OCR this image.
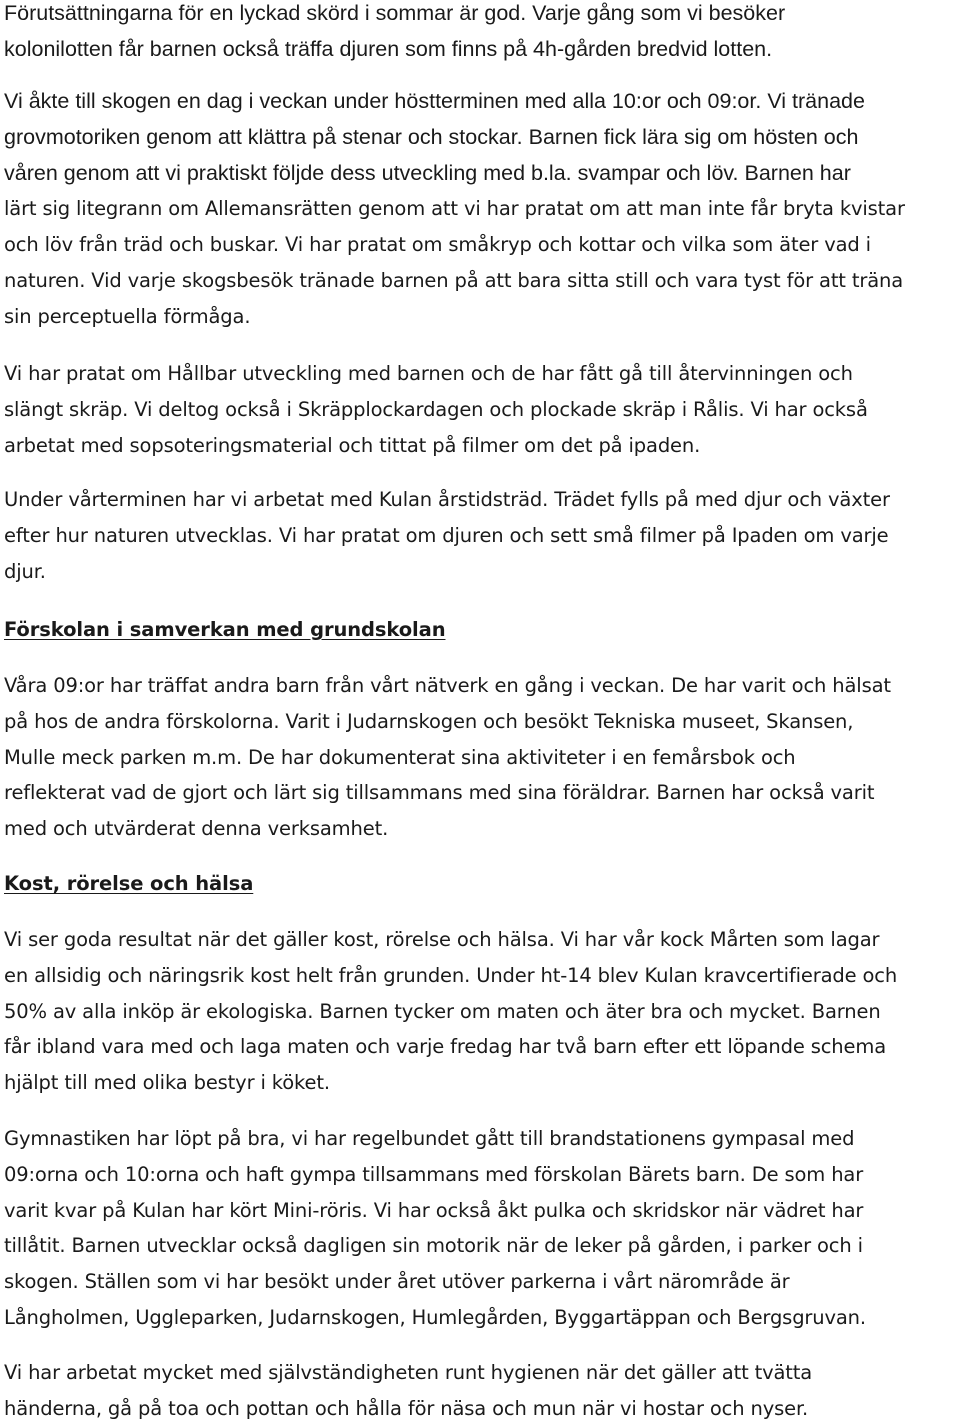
Förutsättningarna för en lyckad skörd i sommar är god. Varje gång som vi besöker
kolonilotten får barnen också träffa djuren som finns på 4h-gården bredvid lotten.

Vi åkte till skogen en dag i veckan under höstterminen med alla 10:or och 09:or. Vi tränade
grovmotoriken genom att klättra på stenar och stockar. Barnen fick lära sig om hösten och
våren genom att vi praktiskt följde dess utveckling med b.la. svampar och löv. Barnen har
lärt sig litegrann om Allemansrätten genom att vi har pratat om att man inte får bryta kvistar
och löv från träd och buskar. Vi har pratat om småkryp och kottar och vilka som äter vad i
naturen. Vid varje skogsbesök tränade barnen på att bara sitta still och vara tyst för att träna
sin perceptuella förmåga.

Vi har pratat om Hållbar utveckling med barnen och de har fått gå till återvinningen och
slängt skräp. Vi deltog också i Skräpplockardagen och plockade skräp i Rålis. Vi har också
arbetat med sopsoteringsmaterial och tittat på filmer om det på ipaden.

Under vårterminen har vi arbetat med Kulan årstidsträd. Trädet fylls på med djur och växter
efter hur naturen utvecklas. Vi har pratat om djuren och sett små filmer på Ipaden om varje
djur.

Förskolan i samverkan med grundskolan

Våra 09:or har träffat andra barn från vårt nätverk en gång i veckan. De har varit och hälsat
på hos de andra förskolorna. Varit i Judarnskogen och besökt Tekniska museet, Skansen,
Mulle meck parken m.m. De har dokumenterat sina aktiviteter i en femårsbok och
reflekterat vad de gjort och lärt sig tillsammans med sina föräldrar. Barnen har också varit
med och utvärderat denna verksamhet.

Kost, rörelse och hälsa

Vi ser goda resultat när det gäller kost, rörelse och hälsa. Vi har vår kock Mårten som lagar
en allsidig och näringsrik kost helt från grunden. Under ht-14 blev Kulan kravcertifierade och
50% av alla inköp är ekologiska. Barnen tycker om maten och äter bra och mycket. Barnen
får ibland vara med och laga maten och varje fredag har två barn efter ett löpande schema
hjälpt till med olika bestyr i köket.

Gymnastiken har löpt på bra, vi har regelbundet gått till brandstationens gympasal med
09:orna och 10:orna och haft gympa tillsammans med förskolan Bärets barn. De som har
varit kvar på Kulan har kört Mini-röris. Vi har också åkt pulka och skridskor när vädret har
tillåtit. Barnen utvecklar också dagligen sin motorik när de leker på gården, i parker och i
skogen. Ställen som vi har besökt under året utöver parkerna i vårt närområde är
Långholmen, Uggleparken, Judarnskogen, Humlegården, Byggartäppan och Bergsgruvan.

Vi har arbetat mycket med självständigheten runt hygienen när det gäller att tvätta
händerna, gå på toa och pottan och hålla för näsa och mun när vi hostar och nyser.
